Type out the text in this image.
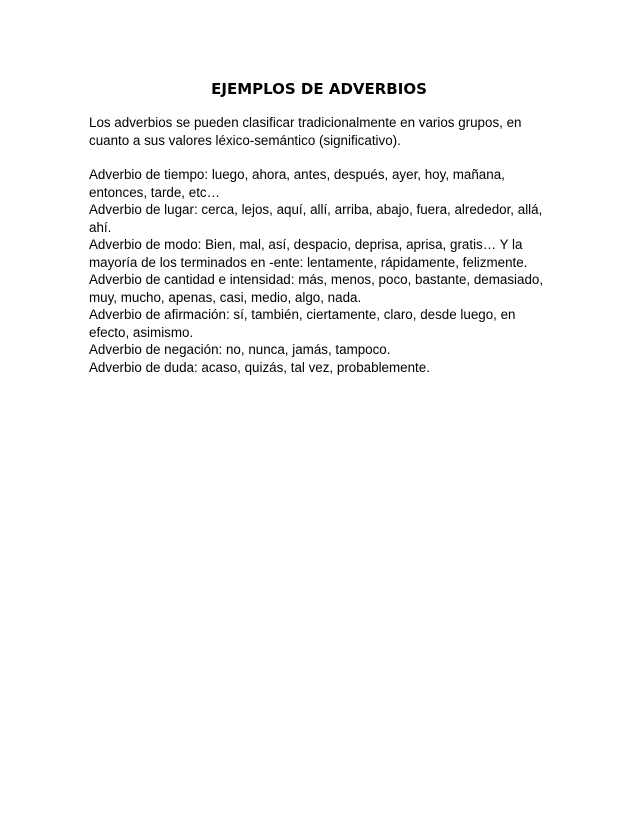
EJEMPLOS DE ADVERBIOS

Los adverbios se pueden clasificar tradicionalmente en varios grupos, en cuanto a sus valores léxico-semántico (significativo).

Adverbio de tiempo: luego, ahora, antes, después, ayer, hoy, mañana, entonces, tarde, etc…

Adverbio de lugar: cerca, lejos, aquí, allí, arriba, abajo, fuera, alrededor, allá, ahí.

Adverbio de modo: Bien, mal, así, despacio, deprisa, aprisa, gratis… Y la mayoría de los terminados en -ente: lentamente, rápidamente, felizmente.

Adverbio de cantidad e intensidad: más, menos, poco, bastante, demasiado, muy, mucho, apenas, casi, medio, algo, nada.

Adverbio de afirmación: sí, también, ciertamente, claro, desde luego, en efecto, asimismo.

Adverbio de negación: no, nunca, jamás, tampoco.

Adverbio de duda: acaso, quizás, tal vez, probablemente.
